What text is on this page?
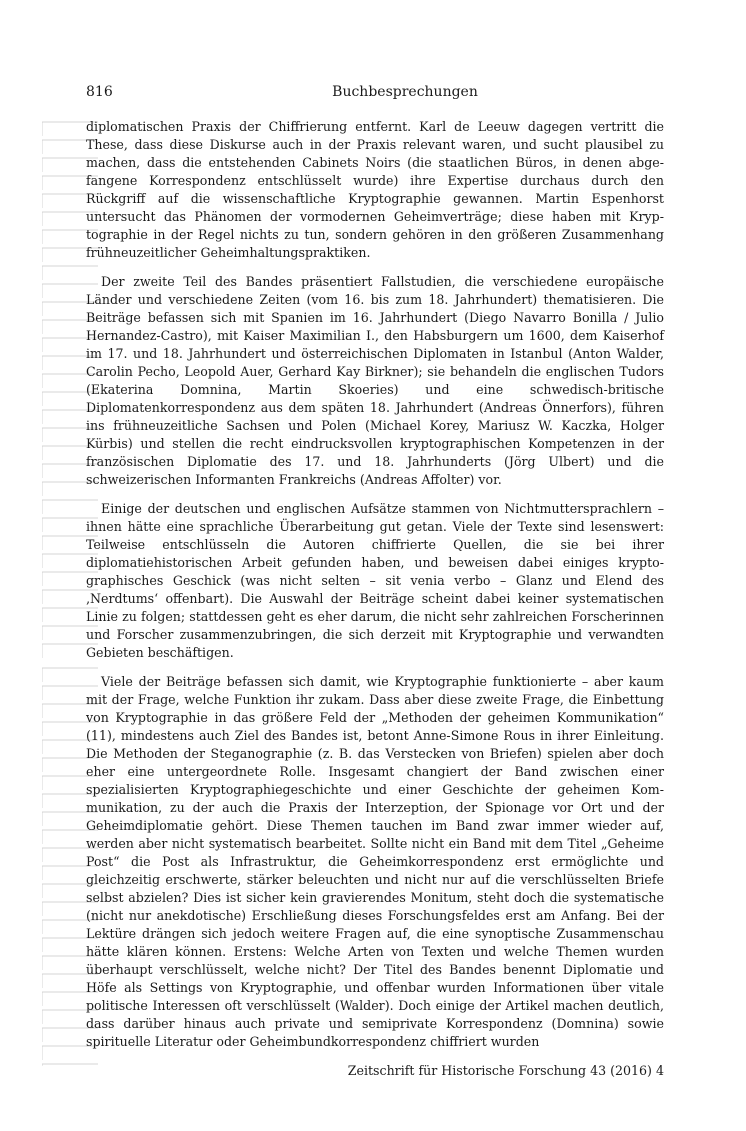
816	Buchbesprechungen

diplomatischen Praxis der Chiffrierung entfernt. Karl de Leeuw dagegen vertritt die These, dass diese Diskurse auch in der Praxis relevant waren, und sucht plausibel zu machen, dass die entstehenden Cabinets Noirs (die staatlichen Büros, in denen abgefangene Korrespondenz entschlüsselt wurde) ihre Expertise durchaus durch den Rückgriff auf die wissenschaftliche Kryptographie gewannen. Martin Espenhorst untersucht das Phänomen der vormodernen Geheimverträge; diese haben mit Kryptographie in der Regel nichts zu tun, sondern gehören in den größeren Zusammenhang frühneuzeitlicher Geheimhaltungspraktiken.

Der zweite Teil des Bandes präsentiert Fallstudien, die verschiedene europäische Länder und verschiedene Zeiten (vom 16. bis zum 18. Jahrhundert) thematisieren. Die Beiträge befassen sich mit Spanien im 16. Jahrhundert (Diego Navarro Bonilla / Julio Hernandez-Castro), mit Kaiser Maximilian I., den Habsburgern um 1600, dem Kaiserhof im 17. und 18. Jahrhundert und österreichischen Diplomaten in Istanbul (Anton Walder, Carolin Pecho, Leopold Auer, Gerhard Kay Birkner); sie behandeln die englischen Tudors (Ekaterina Domnina, Martin Skoeries) und eine schwedisch-britische Diplomatenkorrespondenz aus dem späten 18. Jahrhundert (Andreas Önnerfors), führen ins frühneuzeitliche Sachsen und Polen (Michael Korey, Mariusz W. Kaczka, Holger Kürbis) und stellen die recht eindrucksvollen kryptographischen Kompetenzen in der französischen Diplomatie des 17. und 18. Jahrhunderts (Jörg Ulbert) und die schweizerischen Informanten Frankreichs (Andreas Affolter) vor.

Einige der deutschen und englischen Aufsätze stammen von Nichtmuttersprachlern – ihnen hätte eine sprachliche Überarbeitung gut getan. Viele der Texte sind lesenswert: Teilweise entschlüsseln die Autoren chiffrierte Quellen, die sie bei ihrer diplomatiehistorischen Arbeit gefunden haben, und beweisen dabei einiges kryptographisches Geschick (was nicht selten – sit venia verbo – Glanz und Elend des ‚Nerdtums‘ offenbart). Die Auswahl der Beiträge scheint dabei keiner systematischen Linie zu folgen; stattdessen geht es eher darum, die nicht sehr zahlreichen Forscherinnen und Forscher zusammenzubringen, die sich derzeit mit Kryptographie und verwandten Gebieten beschäftigen.

Viele der Beiträge befassen sich damit, wie Kryptographie funktionierte – aber kaum mit der Frage, welche Funktion ihr zukam. Dass aber diese zweite Frage, die Einbettung von Kryptographie in das größere Feld der „Methoden der geheimen Kommunikation“ (11), mindestens auch Ziel des Bandes ist, betont Anne-Simone Rous in ihrer Einleitung. Die Methoden der Steganographie (z. B. das Verstecken von Briefen) spielen aber doch eher eine untergeordnete Rolle. Insgesamt changiert der Band zwischen einer spezialisierten Kryptographiegeschichte und einer Geschichte der geheimen Kommunikation, zu der auch die Praxis der Interzeption, der Spionage vor Ort und der Geheimdiplomatie gehört. Diese Themen tauchen im Band zwar immer wieder auf, werden aber nicht systematisch bearbeitet. Sollte nicht ein Band mit dem Titel „Geheime Post“ die Post als Infrastruktur, die Geheimkorrespondenz erst ermöglichte und gleichzeitig erschwerte, stärker beleuchten und nicht nur auf die verschlüsselten Briefe selbst abzielen? Dies ist sicher kein gravierendes Monitum, steht doch die systematische (nicht nur anekdotische) Erschließung dieses Forschungsfeldes erst am Anfang. Bei der Lektüre drängen sich jedoch weitere Fragen auf, die eine synoptische Zusammenschau hätte klären können. Erstens: Welche Arten von Texten und welche Themen wurden überhaupt verschlüsselt, welche nicht? Der Titel des Bandes benennt Diplomatie und Höfe als Settings von Kryptographie, und offenbar wurden Informationen über vitale politische Interessen oft verschlüsselt (Walder). Doch einige der Artikel machen deutlich, dass darüber hinaus auch private und semiprivate Korrespondenz (Domnina) sowie spirituelle Literatur oder Geheimbundkorrespondenz chiffriert wurden

Zeitschrift für Historische Forschung 43 (2016) 4
